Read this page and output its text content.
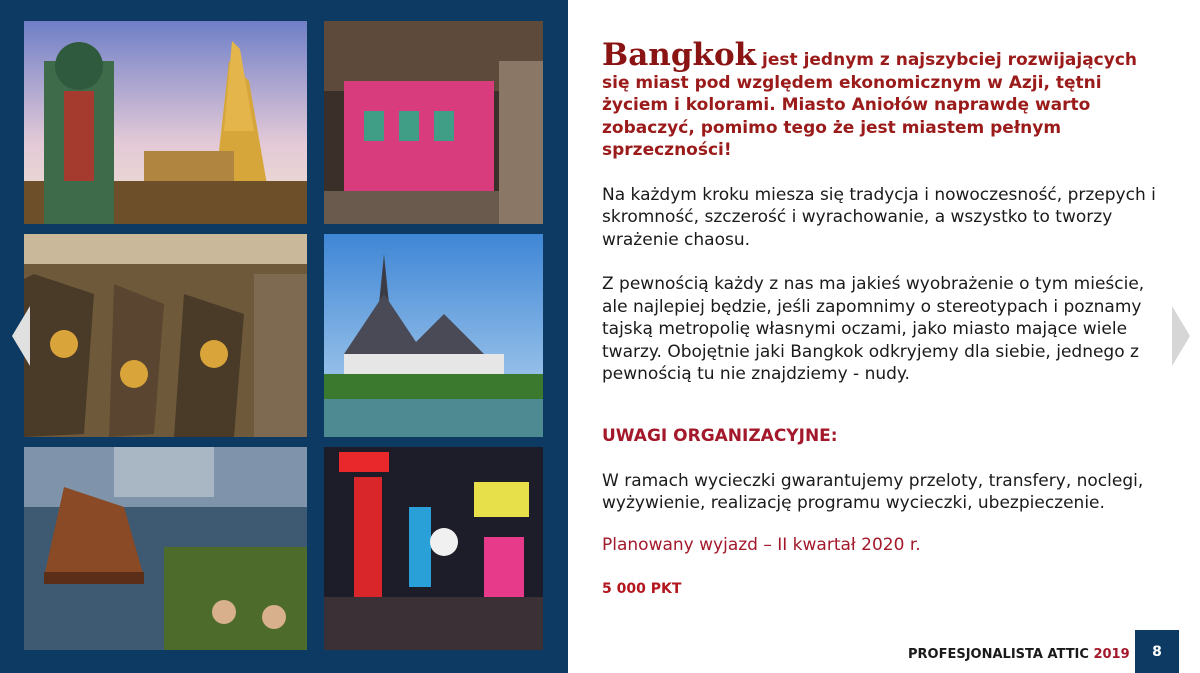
Bangkok jest jednym z najszybciej rozwijających się miast pod względem ekonomicznym w Azji, tętni życiem i kolorami. Miasto Aniołów naprawdę warto zobaczyć, pomimo tego że jest miastem pełnym sprzeczności!

Na każdym kroku miesza się tradycja i nowoczesność, przepych i skromność, szczerość i wyrachowanie, a wszystko to tworzy wrażenie chaosu.

Z pewnością każdy z nas ma jakieś wyobrażenie o tym mieście, ale najlepiej będzie, jeśli zapomnimy o stereotypach i poznamy tajską metropolię własnymi oczami, jako miasto mające wiele twarzy. Obojętnie jaki Bangkok odkryjemy dla siebie, jednego z pewnością tu nie znajdziemy - nudy.

UWAGI ORGANIZACYJNE:

W ramach wycieczki gwarantujemy przeloty, transfery, noclegi, wyżywienie, realizację programu wycieczki, ubezpieczenie.

Planowany wyjazd – II kwartał 2020 r.

5 000 PKT

PROFESJONALISTA ATTIC 2019	8
